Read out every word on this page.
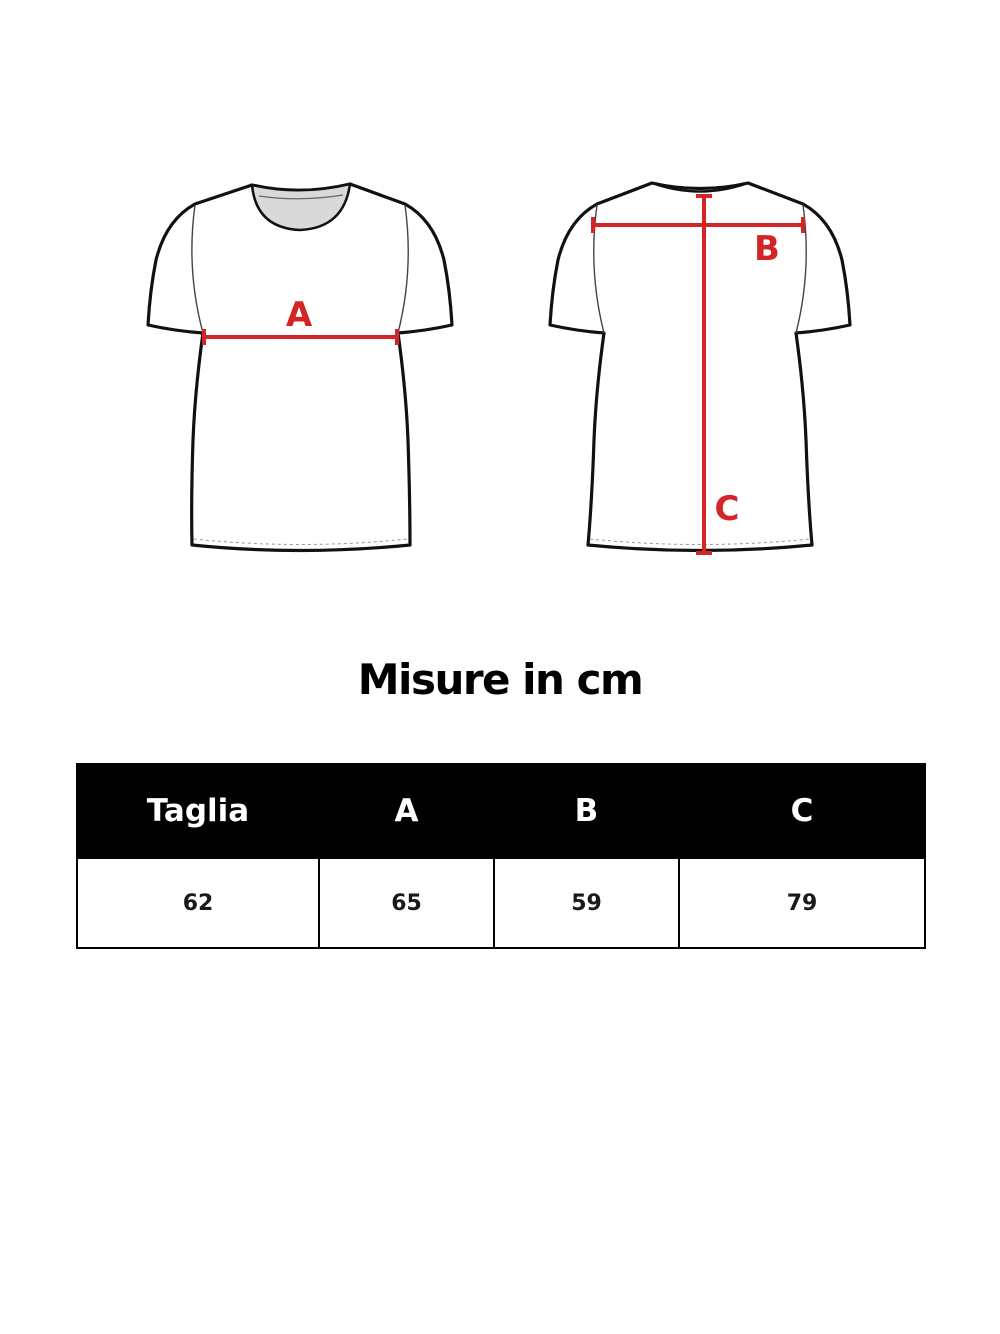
A
B
C
Misure in cm
Taglia	A	B	C
62	65	59	79
